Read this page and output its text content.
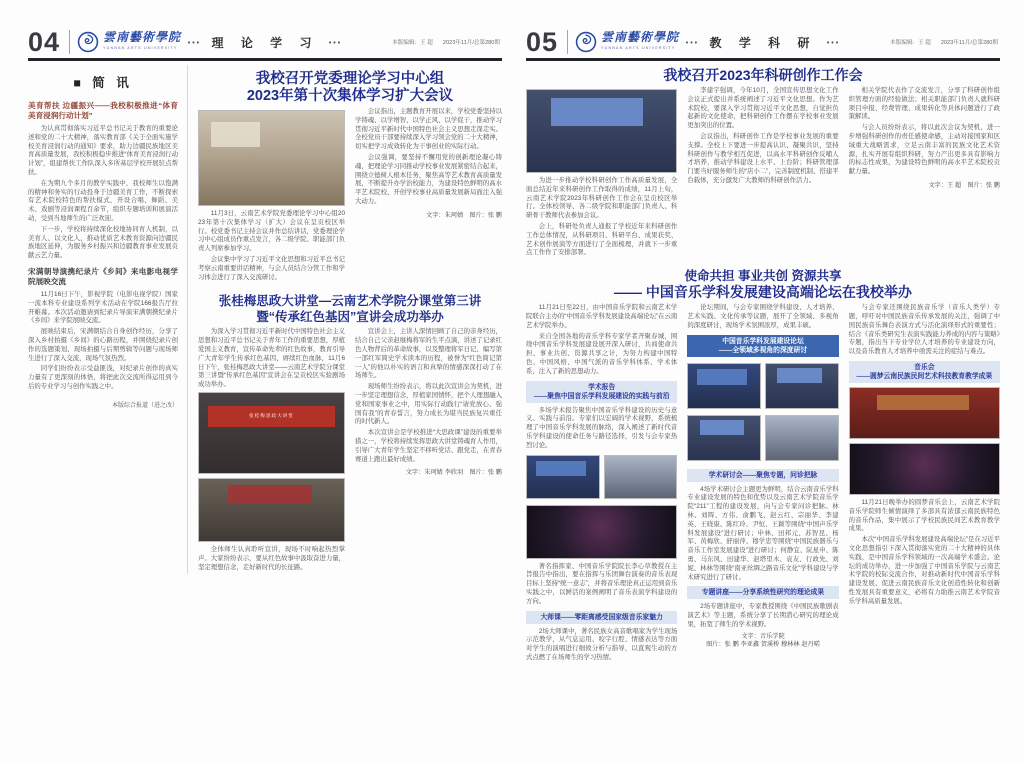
04	雲南藝術學院
YUNNAN ARTS UNIVERSITY
••• 理 论 学 习 •••	本版编辑：王 超 2023年11月/总第280期
■ 简 讯
美育帮扶 边疆振兴——我校积极推进“体育美育浸润行动计划”

为认真贯彻落实习近平总书记关于教育的重要论述和党的二十大精神，落实教育部《关于全面实施学校美育浸润行动的通知》要求，助力边疆民族地区美育高质量发展，我校积极稳步推进“体育美育浸润行动计划”，组建帮扶工作队深入多所基层学校开展驻点帮扶。

在为期九个多月的教学实践中，我校师生以饱满的精神和务实的行动投身于边疆美育工作，不断探索有艺术院校特色的帮扶模式，开设合唱、舞蹈、美术、戏剧等浸润课程百余节，组织专题培训和展演活动，受到当地师生的广泛欢迎。

下一步，学校将持续深化校地协同育人机制，以美育人、以文化人，推动优质艺术教育资源向边疆民族地区延伸，为服务乡村振兴和边疆教育事业发展贡献云艺力量。

宋满朝导演携纪录片《乡间》来电影电视学院展映交流

11月16日下午，影视学院（电影电视学院）国家一流本科专业建设系列学术活动在学院166报告厅拉开帷幕。本次活动邀请到纪录片导演宋满朝携纪录片《乡间》来学院展映交流。

展映结束后，宋满朝结合自身创作经历，分享了深入乡村拍摄《乡间》的心路历程，并围绕纪录片创作的选题策划、现场拍摄与后期剪辑等问题与现场师生进行了深入交流，现场气氛热烈。

同学们纷纷表示受益匪浅，对纪录片创作的真实力量有了更深刻的体悟，将把此次交流所得运用到今后的专业学习与创作实践之中。

本版综合报道（进之改）
我校召开党委理论学习中心组
2023年第十次集体学习扩大会议

11月3日，云南艺术学院党委理论学习中心组2023年第十次集体学习（扩大）会议在呈贡校区举行。校党委书记主持会议并作总结讲话，党委理论学习中心组成员作重点发言，各二级学院、职能部门负责人列席参加学习。

会议集中学习了习近平文化思想和习近平总书记考察云南重要讲话精神，与会人员结合分管工作和学习体会进行了深入交流研讨。

会议指出，主题教育开展以来，学校党委坚持以学铸魂、以学增智、以学正风、以学促干，推动学习贯彻习近平新时代中国特色社会主义思想走深走实。全校党员干部要持续深入学习领会党的二十大精神，切实把学习成效转化为干事创业的实际行动。

会议强调，要坚持不懈用党的创新理论凝心铸魂，把理论学习同推动学校事业发展紧密结合起来，围绕立德树人根本任务，聚焦高等艺术教育高质量发展，不断提升办学治校能力，为建设特色鲜明的高水平艺术院校、开创学校事业高质量发展新局面注入强大动力。

文字：朱珂婧　图片：张 鹏
张桂梅思政大讲堂—云南艺术学院分课堂第三讲
暨“传承红色基因”宣讲会成功举办

为深入学习贯彻习近平新时代中国特色社会主义思想和习近平总书记关于青年工作的重要思想，厚植爱国主义教育，宣传革命先辈的红色故事，教育引导广大青年学生传承红色基因、赓续红色血脉，11月6日下午，张桂梅思政大讲堂——云南艺术学院分课堂第三讲暨“传承红色基因”宣讲会在呈贡校区实验剧场成功举办。

张桂梅思政大讲堂

全体师生认真聆听宣讲，现场不时响起热烈掌声。大家纷纷表示，要从红色故事中汲取奋进力量，坚定理想信念，走好新时代的长征路。

宣讲会上，主讲人深情回顾了自己的亲身经历，结合自己父亲赵继梅将军的生平点滴，讲述了记录红色人物背后的革命故事，以及整理将军日记、编写第一部红军简史学术读本的历程，被誉为“红色简记第一人”的他以朴实的语言和真挚的情感深深打动了在场师生。

现场师生纷纷表示，将以此次宣讲会为契机，进一步坚定理想信念，厚植家国情怀，把个人理想融入党和国家事业之中，用实际行动践行“请党放心、强国有我”的青春誓言，努力成长为堪当民族复兴重任的时代新人。

本次宣讲会是学校推进“大思政课”建设的重要举措之一，学校将持续发挥思政大讲堂铸魂育人作用，引导广大青年学生坚定不移听党话、跟党走，在青春赛道上跑出最好成绩。

文字：朱珂婧 李欣羽　图片：张 鹏
05	雲南藝術學院
YUNNAN ARTS UNIVERSITY
••• 教 学 科 研 •••	本版编辑：王 超 2023年11月/总第280期
我校召开2023年科研创作工作会

为进一步推动学校科研创作工作高质量发展，全面总结近年来科研创作工作取得的成绩，11月上旬，云南艺术学院2023年科研创作工作会在呈贡校区举行。全体校领导、各二级学院和职能部门负责人、科研骨干教师代表参加会议。

会上，科研处负责人通报了学校近年来科研创作工作总体情况，从科研项目、科研平台、成果获奖、艺术创作展演等方面进行了全面梳理，并就下一步重点工作作了安排部署。

李建宇强调，今年10月，全国宣传思想文化工作会议正式提出并系统阐述了习近平文化思想。作为艺术院校，要深入学习贯彻习近平文化思想，自觉担负起新的文化使命，把科研创作工作摆在学校事业发展更加突出的位置。

会议指出，科研创作工作是学校事业发展的重要支撑。全校上下要进一步提高认识、凝聚共识，坚持科研创作与教学相互促进，以高水平科研创作反哺人才培养，推动学科建设上水平、上台阶；科研管理部门要当好服务师生的“店小二”，完善制度机制、搭建平台载体，充分激发广大教师的科研创作活力。

相关学院代表作了交流发言，分享了科研创作组织管理方面的经验做法；相关职能部门负责人就科研项目申报、经费管理、成果转化等具体问题进行了政策解读。

与会人员纷纷表示，将以此次会议为契机，进一步增强科研创作的责任感使命感，主动对接国家和区域重大战略需求，立足云南丰富的民族文化艺术资源，扎实开展有组织科研，努力产出更多具有影响力的标志性成果，为建设特色鲜明的高水平艺术院校贡献力量。

文字：王 超　图片：张 鹏
使命共担 事业共创 资源共享
—— 中国音乐学科发展建设高端论坛在我校举办

11月21日至22日，由中国音乐学院和云南艺术学院联合主办的“中国音乐学科发展建设高端论坛”在云南艺术学院举办。

来自全国各地的音乐学科专家学者齐聚春城，围绕中国音乐学科发展建设展开深入研讨，共商使命共担、事业共创、资源共享之计，为努力构建中国特色、中国风格、中国气派的音乐学科体系、学术体系，注入了新的思想动力。

学术报告
——聚焦中国音乐学科发展建设的实践与前沿

多场学术报告聚焦中国音乐学科建设的历史与意义、实践与前沿。专家们以宏阔的学术视野，系统梳理了中国音乐学科发展的脉络，深入阐述了新时代音乐学科建设的使命任务与路径选择，引发与会专家热烈讨论。

著名指挥家、中国音乐学院院长李心草教授在主旨报告中指出，要在指挥与乐团舞台演奏的音乐表现目标上坚持“统一意志”，并将音乐理论真正运用到音乐实践之中，以鲜活的案例阐明了音乐表演学科建设的方向。

大师课——零距离感受国家级音乐家魅力

2场大师课中，著名民族女高音歌唱家为学生现场示范教学，从气息运用、咬字行腔、情感表达等方面对学生的演唱进行细致分析与指导，以直观生动的方式点燃了在场师生的学习热情。

论坛期间，与会专家围绕学科建设、人才培养、艺术实践、文化传承等议题，展开了全领域、多视角的深度研讨，现场学术氛围浓厚，成果丰硕。

中国音乐学科发展建设论坛
——全领域多视角的深度研讨
学术研讨会——聚焦专题，问诊把脉

4场学术研讨会主题更为鲜明，结合云南音乐学科专业建设发展的特色和优势以及云南艺术学院音乐学院“211”工程的建设发展，向与会专家问诊把脉。林林、刘晖、方伟、俞鹏飞、赵云红、宗丽华、李建英、王晓康、陈红玲、尹恒、王颖等围绕“中国声乐学科发展建设”进行研讨；申林、田邦元、苏智昆、杨军、黄梅欣、舒丽萍、穆学忠等围绕“中国民族器乐与音乐工作室发展建设”进行研讨；何静宜、阮星申、陈勇、马东风、田建华、赵塔里木、袁友、行政先、刘妮、林林等围绕“南亚丝绸之路音乐文化”学科建设与学术研究进行了研讨。

专题讲座——分享系统性研究的理论成果

2场专题讲座中，专家教授围绕《中国民族歌剧表演艺术》等主题，系统分享了长期潜心研究的理论成果，拓宽了师生的学术视野。

文字：音乐学院
图片：张 鹏 李亚鑫 贺溪桥 穆林林 赵丹喏

与会专家还围绕民族音乐学（音乐人类学）专题，呼吁对中国民族音乐传承发展的关注，强调了中国民族音乐舞台表演方式与活化演绎形式的重要性；结合《音乐类研究生表演实践能力养成的内容与策略》专题，指出当下专业学位人才培养的专业建设方向，以及音乐教育人才培养中亟需关注的症结与难点。

音乐会
——圆梦云南民族民间艺术科技教育教学成果

11月21日晚举办的圆梦音乐会上，云南艺术学院音乐学院师生倾情演绎了多部具有浓郁云南民族特色的音乐作品，集中展示了学校民族民间艺术教育教学成果。

本次“中国音乐学科发展建设高端论坛”是在习近平文化思想指引下深入贯彻落实党的二十大精神的具体实践，是中国音乐学科领域的一次高端学术盛会。论坛的成功举办，进一步加强了中国音乐学院与云南艺术学院的校际交流合作，对推动新时代中国音乐学科建设发展、促进云南民族音乐文化创造性转化和创新性发展具有重要意义，必将有力助推云南艺术学院音乐学科高质量发展。
